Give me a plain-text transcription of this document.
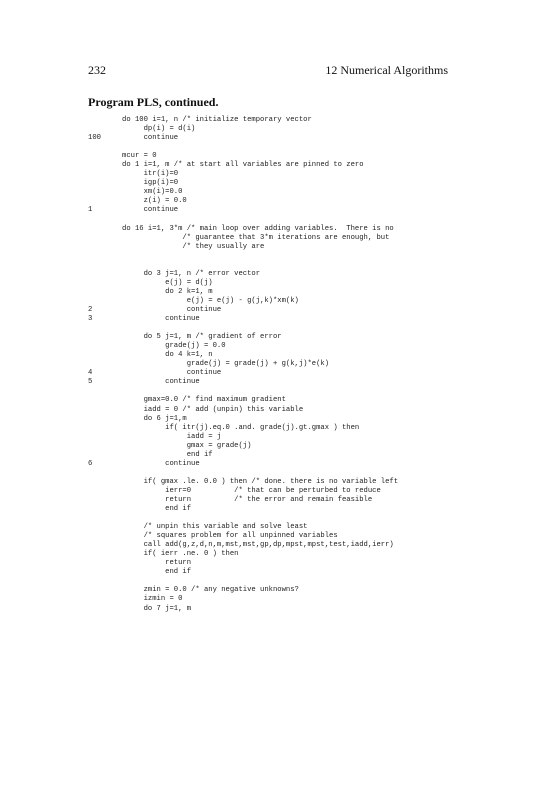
232	12 Numerical Algorithms
Program PLS, continued.
do 100 i=1, n /* initialize temporary vector
dp(i) = d(i)
100	continue
mcur = 0
do 1 i=1, m /* at start all variables are pinned to zero
itr(i)=0
igp(i)=0
xm(i)=0.0
z(i) = 0.0
1	continue
do 16 i=1, 3*m /* main loop over adding variables.  There is no
/* guarantee that 3*m iterations are enough, but
/* they usually are
do 3 j=1, n /* error vector
e(j) = d(j)
do 2 k=1, m
e(j) = e(j) - g(j,k)*xm(k)
2	continue
3	continue
do 5 j=1, m /* gradient of error
grade(j) = 0.0
do 4 k=1, n
grade(j) = grade(j) + g(k,j)*e(k)
4	continue
5	continue
gmax=0.0 /* find maximum gradient
iadd = 0 /* add (unpin) this variable
do 6 j=1,m
if( itr(j).eq.0 .and. grade(j).gt.gmax ) then
iadd = j
gmax = grade(j)
end if
6	continue
if( gmax .le. 0.0 ) then /* done. there is no variable left
ierr=0          /* that can be perturbed to reduce
return          /* the error and remain feasible
end if
/* unpin this variable and solve least
/* squares problem for all unpinned variables
call add(g,z,d,n,m,mst,mst,gp,dp,mpst,mpst,test,iadd,ierr)
if( ierr .ne. 0 ) then
return
end if
zmin = 0.0 /* any negative unknowns?
izmin = 0
do 7 j=1, m
